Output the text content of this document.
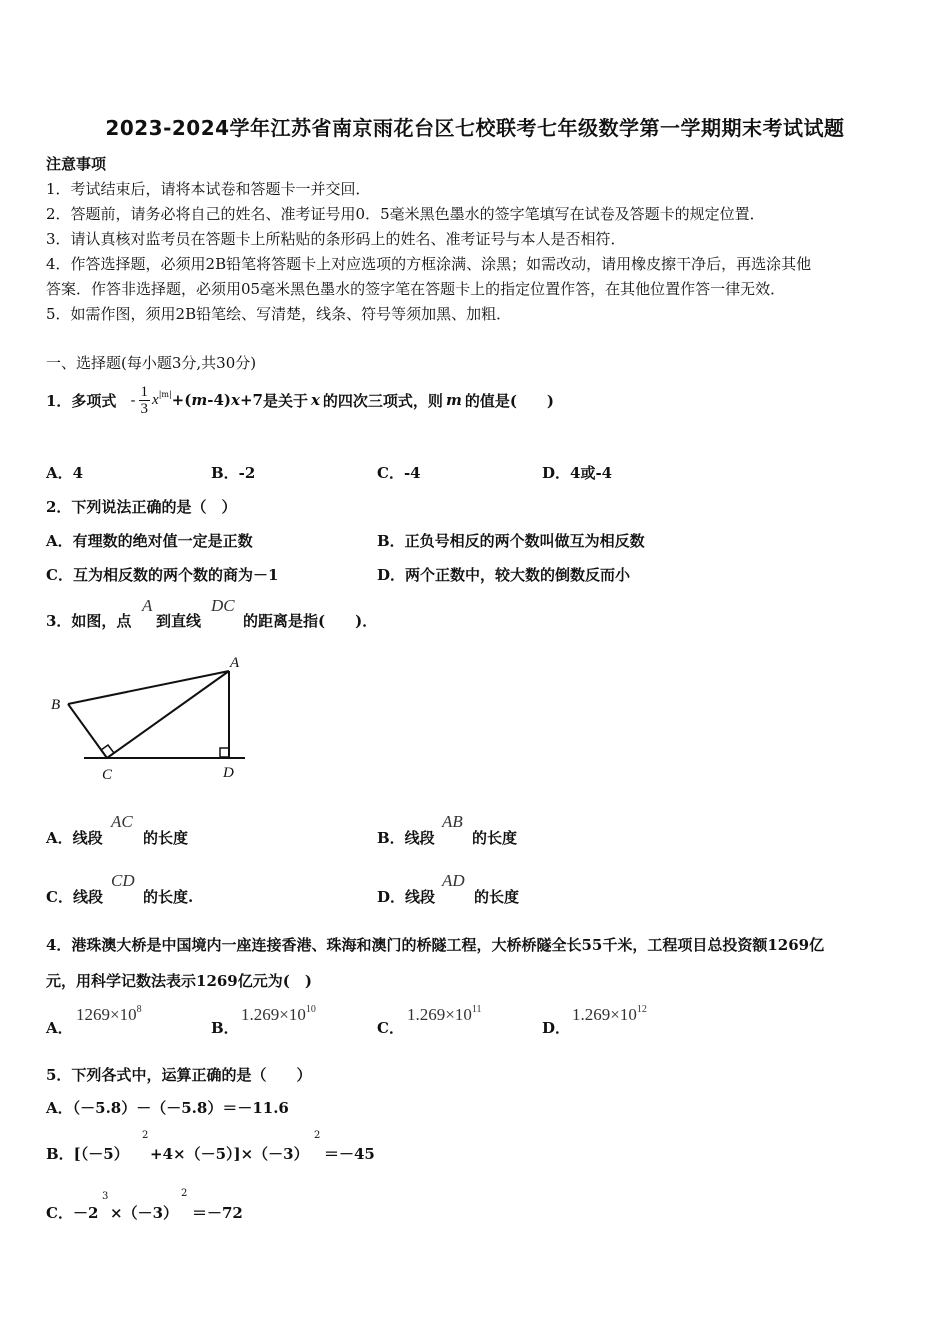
2023-2024学年江苏省南京雨花台区七校联考七年级数学第一学期期末考试试题
注意事项
1．考试结束后，请将本试卷和答题卡一并交回．
2．答题前，请务必将自己的姓名、准考证号用0．5毫米黑色墨水的签字笔填写在试卷及答题卡的规定位置．
3．请认真核对监考员在答题卡上所粘贴的条形码上的姓名、准考证号与本人是否相符．
4．作答选择题，必须用2B铅笔将答题卡上对应选项的方框涂满、涂黑；如需改动，请用橡皮擦干净后，再选涂其他
答案．作答非选择题，必须用05毫米黑色墨水的签字笔在答题卡上的指定位置作答，在其他位置作答一律无效．
5．如需作图，须用2B铅笔绘、写清楚，线条、符号等须加黑、加粗．
一、选择题(每小题3分,共30分)
1．多项式 - $\frac{1}{3}$ x |m| +( m -4) x +7 是关于 x 的四次三项式，则 m 的值是(　　)
A．4	B．-2	C．-4	D．4或-4
2．下列说法正确的是（　）
A．有理数的绝对值一定是正数	B．正负号相反的两个数叫做互为相反数
C．互为相反数的两个数的商为－1	D．两个正数中，较大数的倒数反而小
3．如图，点
A
到直线
DC
的距离是指(　　)．
A
B
C	D
A．线段
AC
的长度	B．线段
AB
的长度
C．线段
CD
的长度.	D．线段
AD
的长度
4．港珠澳大桥是中国境内一座连接香港、珠海和澳门的桥隧工程，大桥桥隧全长55千米，工程项目总投资额1269亿
元，用科学记数法表示1269亿元为(　)
A．
$1269\times 10^8$
B．
$1.269\times 10^{10}$
C．
$1.269\times 10^{11}$
D．
$1.269\times 10^{12}$
5．下列各式中，运算正确的是（　　）
A．（－5.8）－（－5.8）＝－11.6
B．[（－5）
2
+4×（－5）]×（－3）
2
＝－45
C．－2
3
×（－3）
2
＝－72
